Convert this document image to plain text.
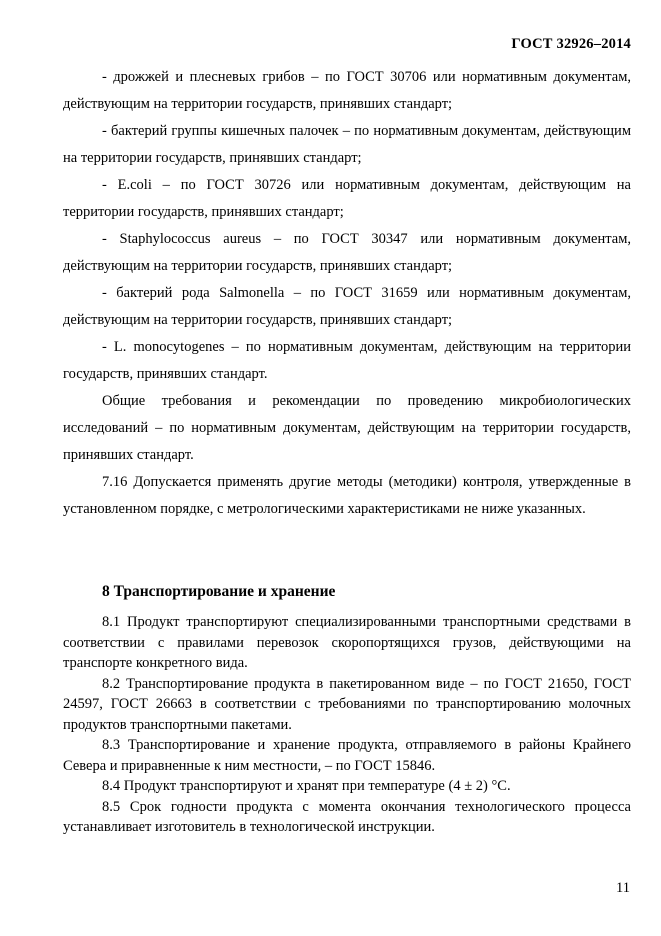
ГОСТ 32926–2014

- дрожжей и плесневых грибов – по ГОСТ 30706 или нормативным документам, действующим на территории государств, принявших стандарт;

- бактерий группы кишечных палочек – по нормативным документам, действующим на территории государств, принявших стандарт;

- E.coli – по ГОСТ 30726 или нормативным документам, действующим на территории государств, принявших стандарт;

- Staphylococcus aureus – по ГОСТ 30347 или нормативным документам, действующим на территории государств, принявших стандарт;

- бактерий рода Salmonella – по ГОСТ 31659 или нормативным документам, действующим на территории государств, принявших стандарт;

- L. monocytogenes – по нормативным документам, действующим на территории государств, принявших стандарт.

Общие требования и рекомендации по проведению микробиологических исследований – по нормативным документам, действующим на территории государств, принявших стандарт.

7.16 Допускается применять другие методы (методики) контроля, утвержденные в установленном порядке, с метрологическими характеристиками не ниже указанных.

8 Транспортирование и хранение

8.1 Продукт транспортируют специализированными транспортными средствами в соответствии с правилами перевозок скоропортящихся грузов, действующими на транспорте конкретного вида.

8.2 Транспортирование продукта в пакетированном виде – по ГОСТ 21650, ГОСТ 24597, ГОСТ 26663 в соответствии с требованиями по транспортированию молочных продуктов транспортными пакетами.

8.3 Транспортирование и хранение продукта, отправляемого в районы Крайнего Севера и приравненные к ним местности, – по ГОСТ 15846.

8.4 Продукт транспортируют и хранят при температуре (4 ± 2) °С.

8.5 Срок годности продукта с момента окончания технологического процесса устанавливает изготовитель в технологической инструкции.

11
